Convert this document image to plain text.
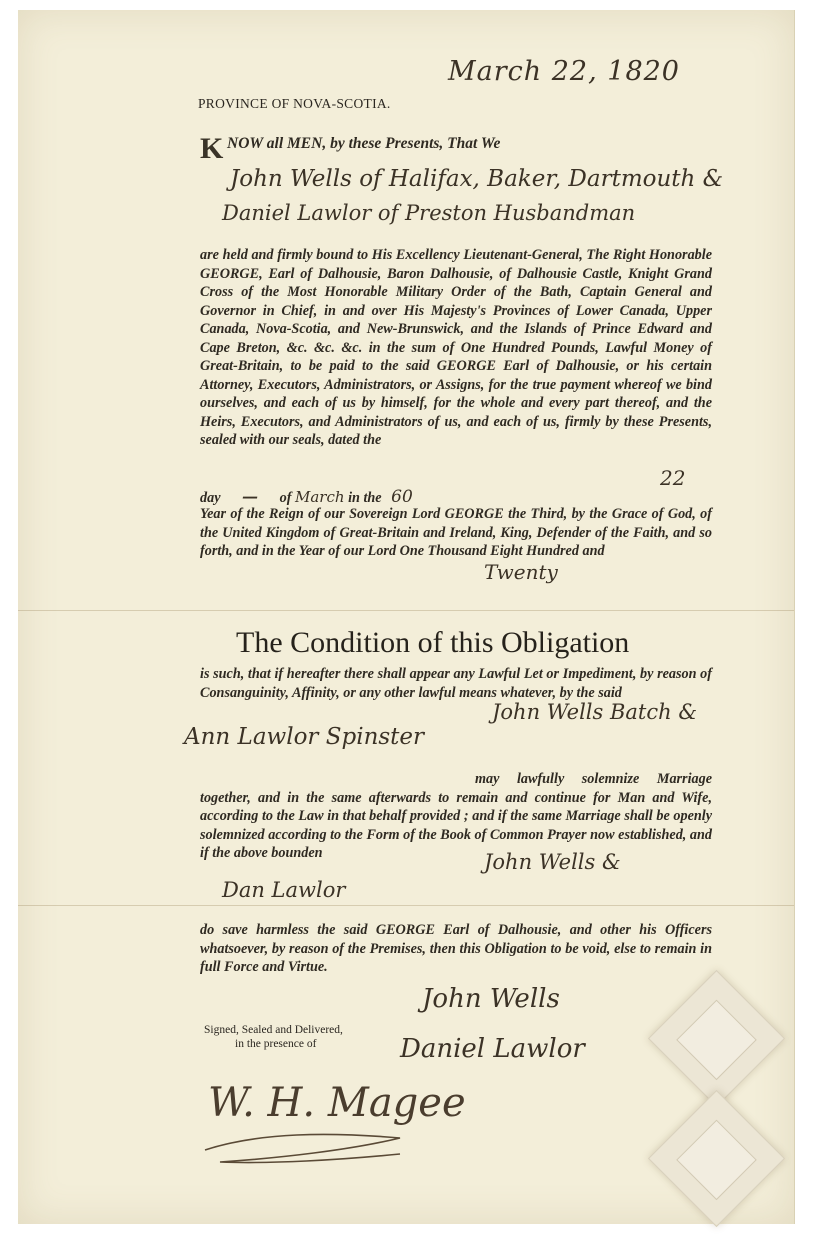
March 22, 1820
PROVINCE OF NOVA-SCOTIA.
K NOW all MEN, by these Presents, That We
John Wells of Halifax, Baker, Dartmouth &
Daniel Lawlor of Preston Husbandman

are held and firmly bound to His Excellency Lieutenant-General, The Right Honorable GEORGE, Earl of Dalhousie, Baron Dalhousie, of Dalhousie Castle, Knight Grand Cross of the Most Honorable Military Order of the Bath, Captain General and Governor in Chief, in and over His Majesty's Provinces of Lower Canada, Upper Canada, Nova-Scotia, and New-Brunswick, and the Islands of Prince Edward and Cape Breton, &c. &c. &c. in the sum of One Hundred Pounds, Lawful Money of Great-Britain, to be paid to the said GEORGE Earl of Dalhousie, or his certain Attorney, Executors, Administrators, or Assigns, for the true payment whereof we bind ourselves, and each of us by himself, for the whole and every part thereof, and the Heirs, Executors, and Administrators of us, and each of us, firmly by these Presents, sealed with our seals, dated the

22
day — of March in the 60

Year of the Reign of our Sovereign Lord GEORGE the Third, by the Grace of God, of the United Kingdom of Great-Britain and Ireland, King, Defender of the Faith, and so forth, and in the Year of our Lord One Thousand Eight Hundred and

Twenty
The Condition of this Obligation

is such, that if hereafter there shall appear any Lawful Let or Impediment, by reason of Consanguinity, Affinity, or any other lawful means whatever, by the said

John Wells Batch &
Ann Lawlor Spinster

may lawfully solemnize Marriage together, and in the same afterwards to remain and continue for Man and Wife, according to the Law in that behalf provided ; and if the same Marriage shall be openly solemnized according to the Form of the Book of Common Prayer now established, and if the above bounden	John Wells &
Dan Lawlor

do save harmless the said GEORGE Earl of Dalhousie, and other his Officers whatsoever, by reason of the Premises, then this Obligation to be void, else to remain in full Force and Virtue.

John Wells
Daniel Lawlor
Signed, Sealed and Delivered,
in the presence of
W. H. Magee
